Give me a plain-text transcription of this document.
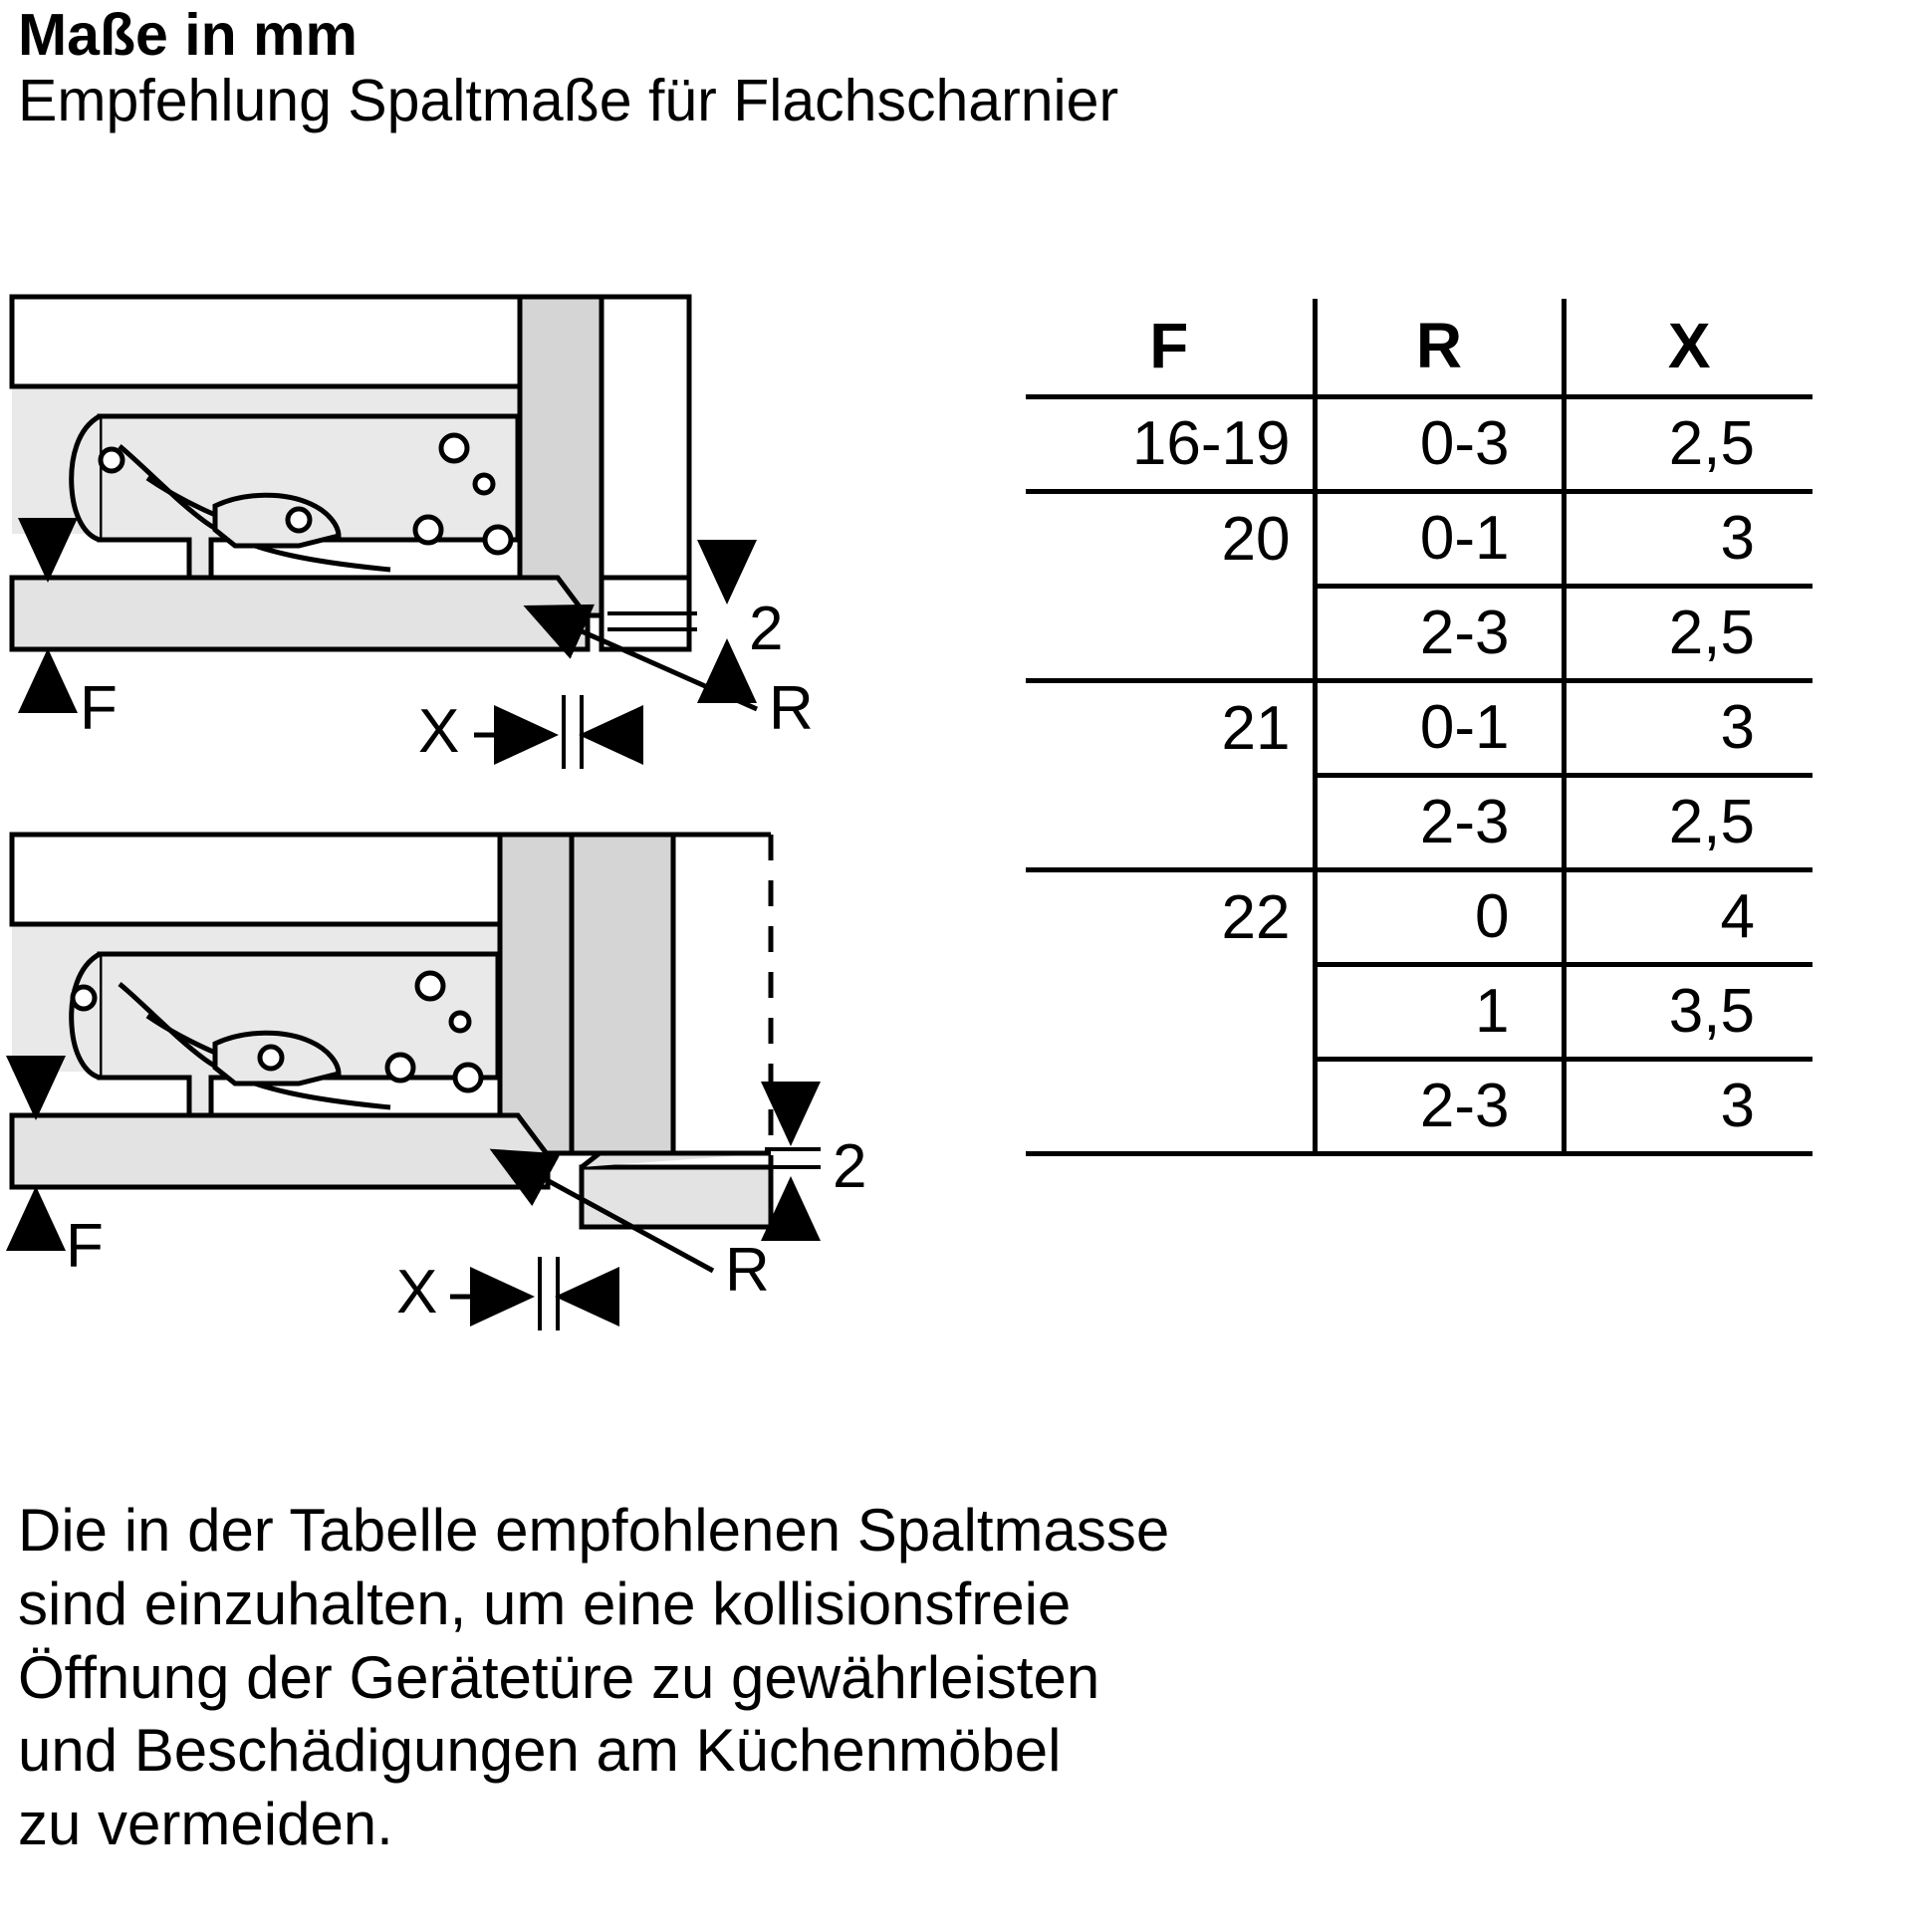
Maße in mm
Empfehlung Spaltmaße für Flachscharnier
2
F	X	R
2
F
X	R
F	R	X
16-19	0-3	2,5
20	0-1	3
	2-3	2,5
21	0-1	3
	2-3	2,5
22	0	4
	1	3,5
	2-3	3

Die in der Tabelle empfohlenen Spaltmasse
sind einzuhalten, um eine kollisionsfreie
Öffnung der Gerätetüre zu gewährleisten
und Beschädigungen am Küchenmöbel
zu vermeiden.
